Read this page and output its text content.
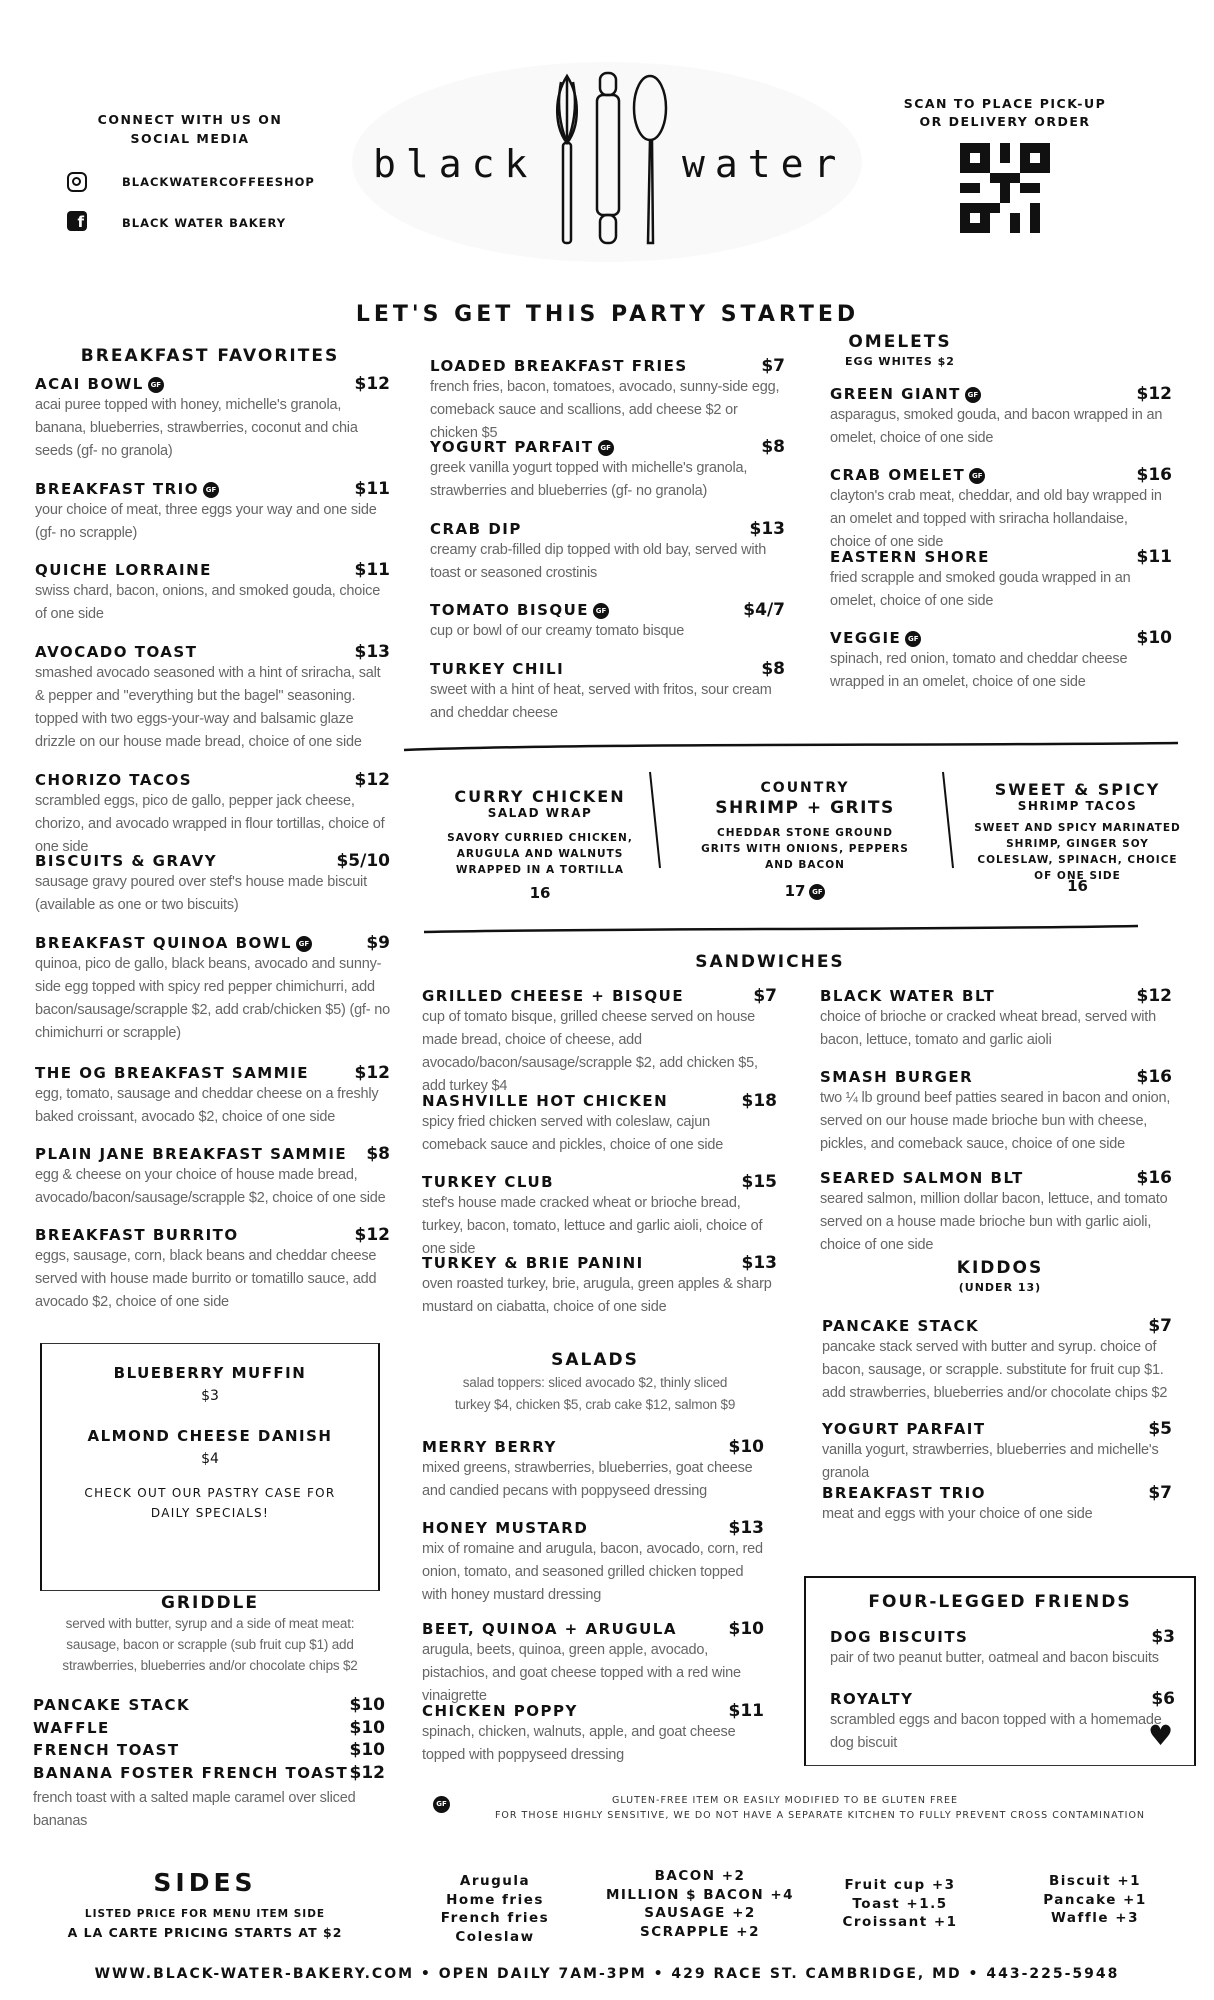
CONNECT WITH US ON SOCIAL MEDIA
BLACKWATERCOFFEESHOP
f	BLACK WATER BAKERY
black	water
SCAN TO PLACE PICK-UP OR DELIVERY ORDER
LET'S GET THIS PARTY STARTED
BREAKFAST FAVORITES
ACAI BOWL GF	$12
acai puree topped with honey, michelle's granola, banana, blueberries, strawberries, coconut and chia seeds (gf- no granola)
BREAKFAST TRIO GF	$11
your choice of meat, three eggs your way and one side (gf- no scrapple)
QUICHE LORRAINE	$11
swiss chard, bacon, onions, and smoked gouda, choice of one side
AVOCADO TOAST	$13
smashed avocado seasoned with a hint of sriracha, salt & pepper and "everything but the bagel" seasoning. topped with two eggs-your-way and balsamic glaze drizzle on our house made bread, choice of one side
CHORIZO TACOS	$12
scrambled eggs, pico de gallo, pepper jack cheese, chorizo, and avocado wrapped in flour tortillas, choice of one side
BISCUITS & GRAVY	$5/10
sausage gravy poured over stef's house made biscuit (available as one or two biscuits)
BREAKFAST QUINOA BOWL GF	$9
quinoa, pico de gallo, black beans, avocado and sunny-side egg topped with spicy red pepper chimichurri, add bacon/sausage/scrapple $2, add crab/chicken $5) (gf- no chimichurri or scrapple)
THE OG BREAKFAST SAMMIE	$12
egg, tomato, sausage and cheddar cheese on a freshly baked croissant, avocado $2, choice of one side
PLAIN JANE BREAKFAST SAMMIE $8
egg & cheese on your choice of house made bread, avocado/bacon/sausage/scrapple $2, choice of one side
BREAKFAST BURRITO	$12
eggs, sausage, corn, black beans and cheddar cheese served with house made burrito or tomatillo sauce, add avocado $2, choice of one side
BLUEBERRY MUFFIN
$3
ALMOND CHEESE DANISH
$4
CHECK OUT OUR PASTRY CASE FOR DAILY SPECIALS!
GRIDDLE
served with butter, syrup and a side of meat meat: sausage, bacon or scrapple (sub fruit cup $1) add strawberries, blueberries and/or chocolate chips $2
PANCAKE STACK	$10
WAFFLE	$10
FRENCH TOAST	$10
BANANA FOSTER FRENCH TOAST $12
french toast with a salted maple caramel over sliced bananas
LOADED BREAKFAST FRIES	$7
french fries, bacon, tomatoes, avocado, sunny-side egg, comeback sauce and scallions, add cheese $2 or chicken $5
YOGURT PARFAIT GF	$8
greek vanilla yogurt topped with michelle's granola, strawberries and blueberries (gf- no granola)
CRAB DIP	$13
creamy crab-filled dip topped with old bay, served with toast or seasoned crostinis
TOMATO BISQUE GF	$4/7
cup or bowl of our creamy tomato bisque
TURKEY CHILI	$8
sweet with a hint of heat, served with fritos, sour cream and cheddar cheese
OMELETS
EGG WHITES $2
GREEN GIANT GF	$12
asparagus, smoked gouda, and bacon wrapped in an omelet, choice of one side
CRAB OMELET GF	$16
clayton's crab meat, cheddar, and old bay wrapped in an omelet and topped with sriracha hollandaise, choice of one side
EASTERN SHORE	$11
fried scrapple and smoked gouda wrapped in an omelet, choice of one side
VEGGIE GF	$10
spinach, red onion, tomato and cheddar cheese wrapped in an omelet, choice of one side
CURRY CHICKEN
SALAD WRAP
SAVORY CURRIED CHICKEN, ARUGULA AND WALNUTS WRAPPED IN A TORTILLA
16
COUNTRY
SHRIMP + GRITS
CHEDDAR STONE GROUND GRITS WITH ONIONS, PEPPERS AND BACON
17 GF
SWEET & SPICY
SHRIMP TACOS
SWEET AND SPICY MARINATED SHRIMP, GINGER SOY COLESLAW, SPINACH, CHOICE OF ONE SIDE
16
SANDWICHES
GRILLED CHEESE + BISQUE	$7
cup of tomato bisque, grilled cheese served on house made bread, choice of cheese, add avocado/bacon/sausage/scrapple $2, add chicken $5, add turkey $4
NASHVILLE HOT CHICKEN	$18
spicy fried chicken served with coleslaw, cajun comeback sauce and pickles, choice of one side
TURKEY CLUB	$15
stef's house made cracked wheat or brioche bread, turkey, bacon, tomato, lettuce and garlic aioli, choice of one side
TURKEY & BRIE PANINI	$13
oven roasted turkey, brie, arugula, green apples & sharp mustard on ciabatta, choice of one side
BLACK WATER BLT	$12
choice of brioche or cracked wheat bread, served with bacon, lettuce, tomato and garlic aioli
SMASH BURGER	$16
two ¼ lb ground beef patties seared in bacon and onion, served on our house made brioche bun with cheese, pickles, and comeback sauce, choice of one side
SEARED SALMON BLT	$16
seared salmon, million dollar bacon, lettuce, and tomato served on a house made brioche bun with garlic aioli, choice of one side
SALADS
salad toppers: sliced avocado $2, thinly sliced turkey $4, chicken $5, crab cake $12, salmon $9
MERRY BERRY	$10
mixed greens, strawberries, blueberries, goat cheese and candied pecans with poppyseed dressing
HONEY MUSTARD	$13
mix of romaine and arugula, bacon, avocado, corn, red onion, tomato, and seasoned grilled chicken topped with honey mustard dressing
BEET, QUINOA + ARUGULA	$10
arugula, beets, quinoa, green apple, avocado, pistachios, and goat cheese topped with a red wine vinaigrette
CHICKEN POPPY	$11
spinach, chicken, walnuts, apple, and goat cheese topped with poppyseed dressing
KIDDOS
(UNDER 13)
PANCAKE STACK	$7
pancake stack served with butter and syrup. choice of bacon, sausage, or scrapple. substitute for fruit cup $1. add strawberries, blueberries and/or chocolate chips $2
YOGURT PARFAIT	$5
vanilla yogurt, strawberries, blueberries and michelle's granola
BREAKFAST TRIO	$7
meat and eggs with your choice of one side
FOUR-LEGGED FRIENDS
DOG BISCUITS	$3
pair of two peanut butter, oatmeal and bacon biscuits
ROYALTY	$6
scrambled eggs and bacon topped with a homemade dog biscuit	♥
GF	GLUTEN-FREE ITEM OR EASILY MODIFIED TO BE GLUTEN FREE
FOR THOSE HIGHLY SENSITIVE, WE DO NOT HAVE A SEPARATE KITCHEN TO FULLY PREVENT CROSS CONTAMINATION
SIDES
LISTED PRICE FOR MENU ITEM SIDE
A LA CARTE PRICING STARTS AT $2
Arugula
Home fries
French fries
Coleslaw
BACON +2
MILLION $ BACON +4
SAUSAGE +2
SCRAPPLE +2
Fruit cup +3
Toast +1.5
Croissant +1
Biscuit +1
Pancake +1
Waffle +3
WWW.BLACK-WATER-BAKERY.COM • OPEN DAILY 7AM-3PM • 429 RACE ST. CAMBRIDGE, MD • 443-225-5948
